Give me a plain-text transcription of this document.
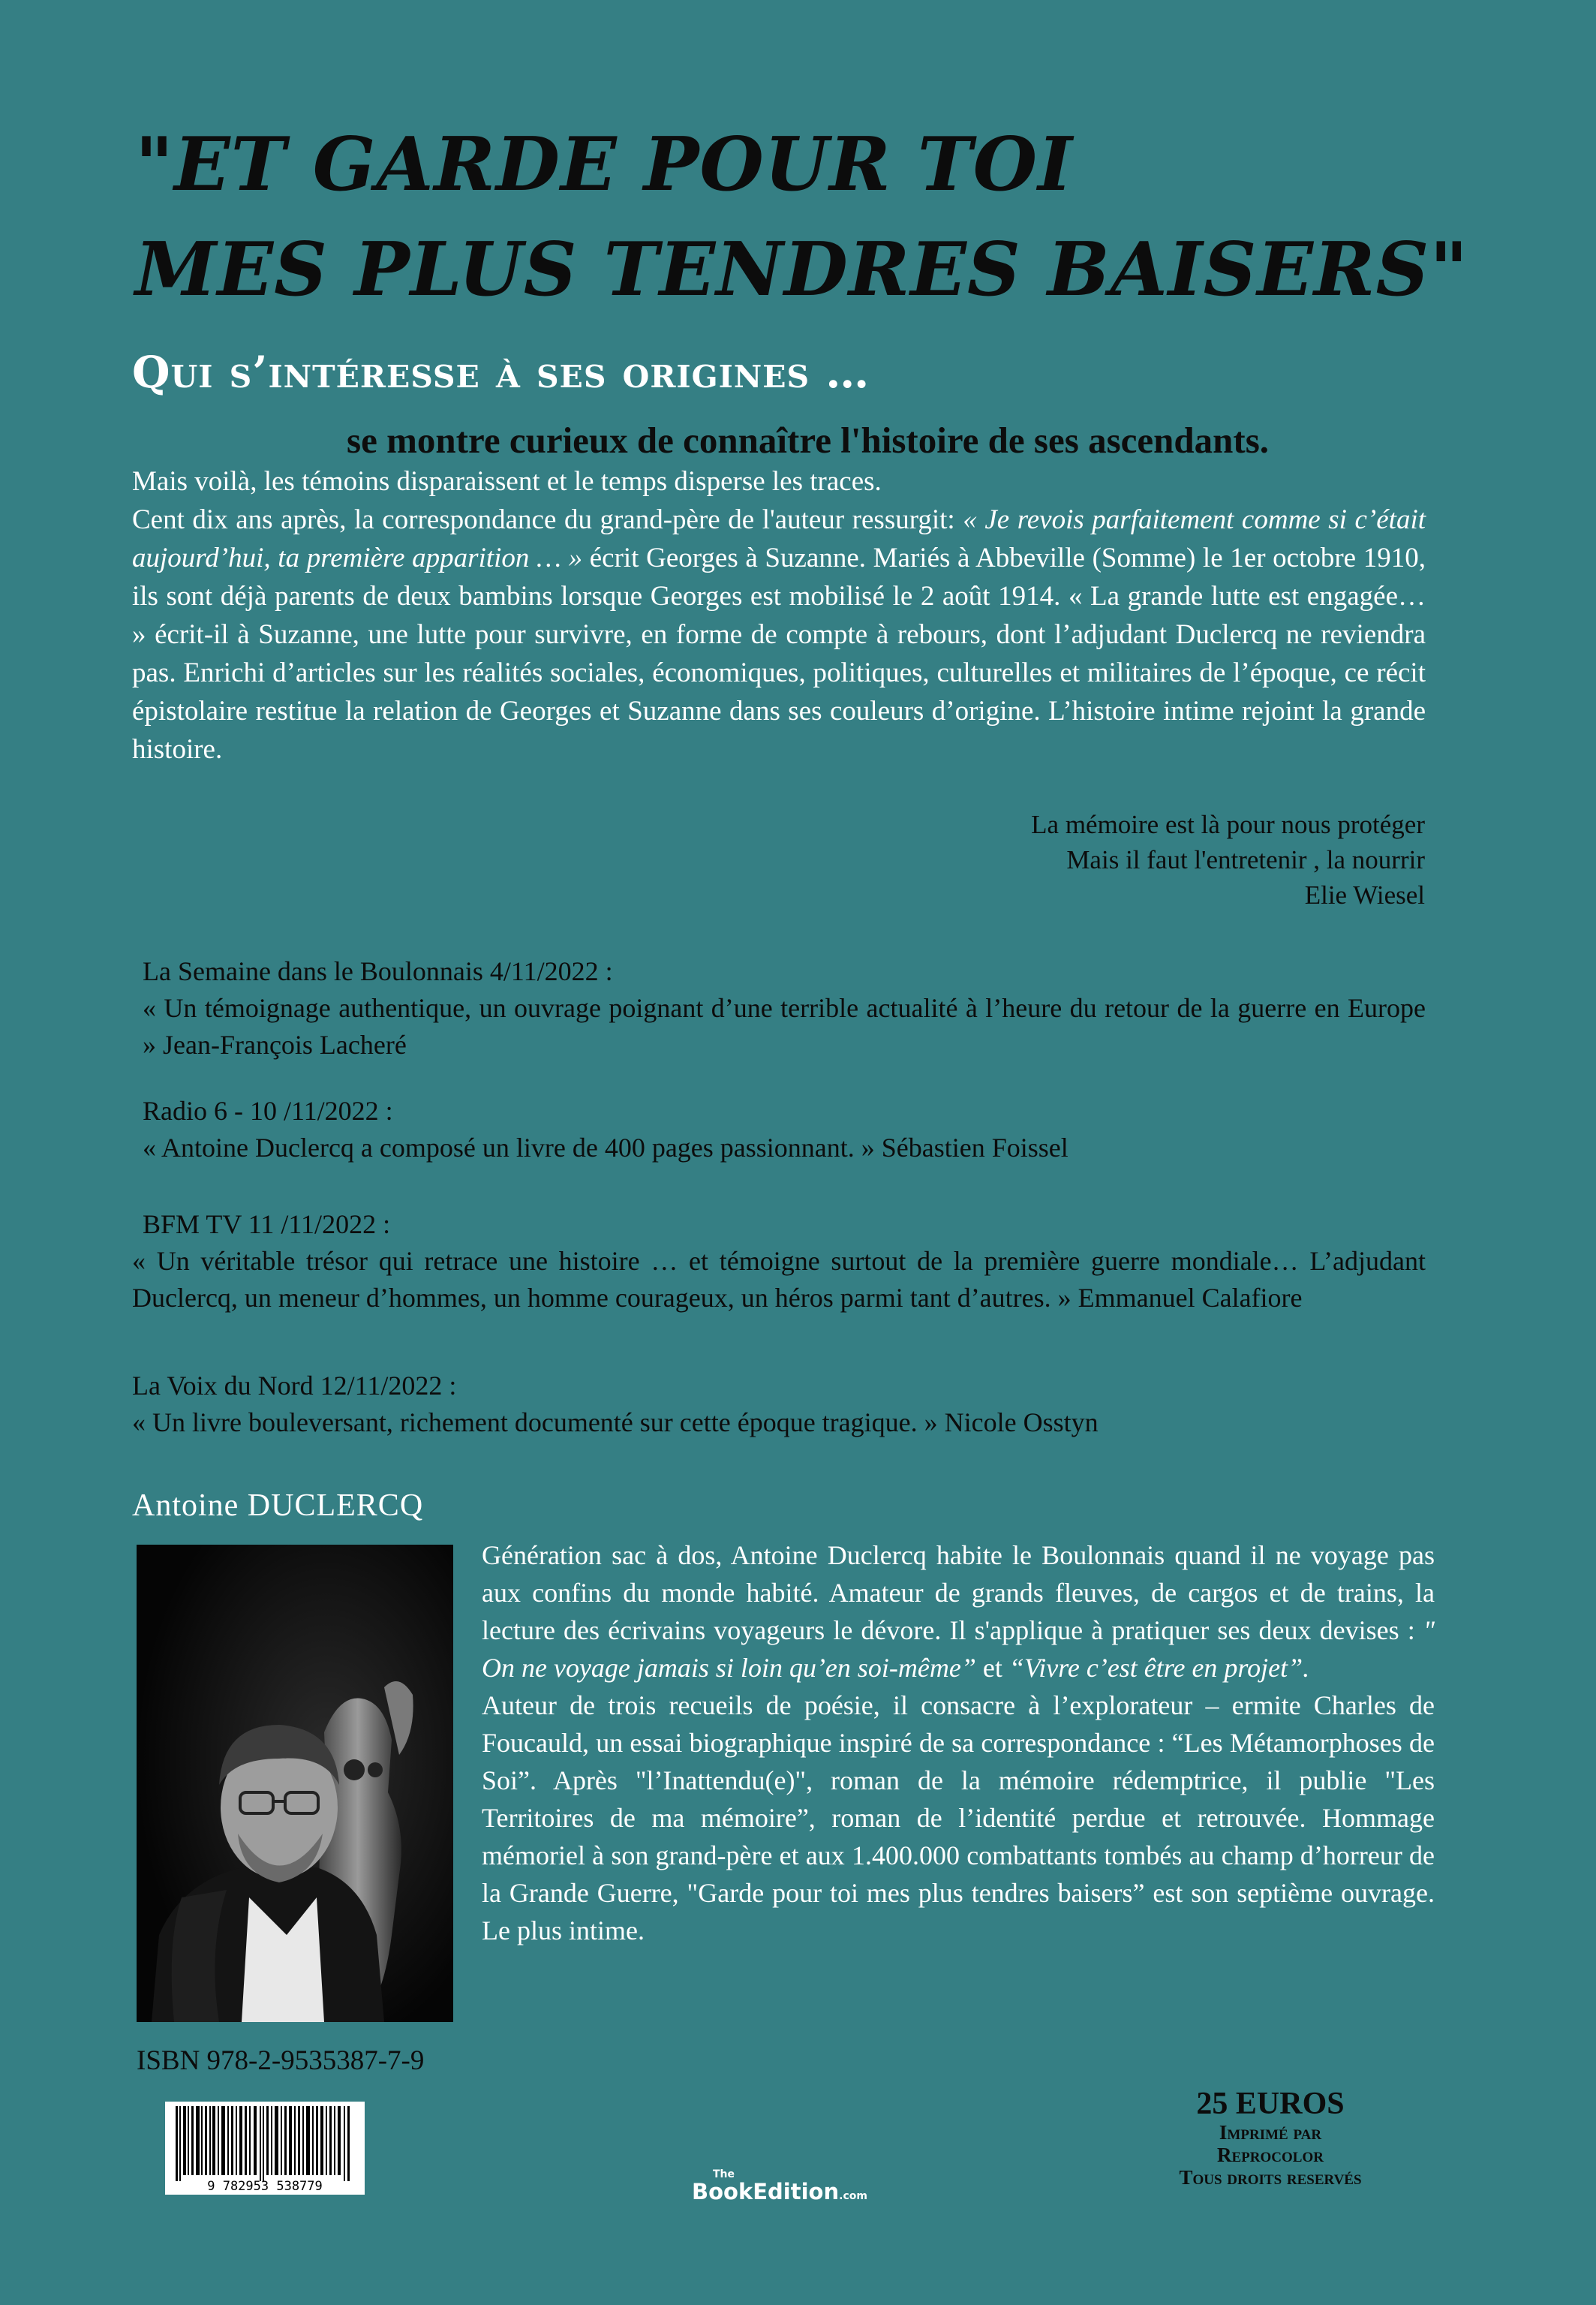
"ET GARDE POUR TOI
MES PLUS TENDRES BAISERS"
Qui s’intéresse à ses origines …
se montre curieux de connaître l'histoire de ses ascendants.

Mais voilà, les témoins disparaissent et le temps disperse les traces.

Cent dix ans après, la correspondance du grand-père de l'auteur ressurgit: « Je revois parfaitement comme si c’était aujourd’hui, ta première apparition … » écrit Georges à Suzanne. Mariés à Abbeville (Somme) le 1er octobre 1910, ils sont déjà parents de deux bambins lorsque Georges est mobilisé le 2 août 1914. « La grande lutte est engagée… » écrit-il à Suzanne, une lutte pour survivre, en forme de compte à rebours, dont l’adjudant Duclercq ne reviendra pas. Enrichi d’articles sur les réalités sociales, économiques, politiques, culturelles et militaires de l’époque, ce récit épistolaire restitue la relation de Georges et Suzanne dans ses couleurs d’origine. L’histoire intime rejoint la grande histoire.

La mémoire est là pour nous protéger
Mais il faut l'entretenir , la nourrir
Elie Wiesel
La Semaine dans le Boulonnais 4/11/2022 :
« Un témoignage authentique, un ouvrage poignant d’une terrible actualité à l’heure du retour de la guerre en Europe » Jean-François Lacheré
Radio 6 - 10 /11/2022 :
« Antoine Duclercq a composé un livre de 400 pages passionnant. » Sébastien Foissel
BFM TV 11 /11/2022 :
« Un véritable trésor qui retrace une histoire … et témoigne surtout de la première guerre mondiale… L’adjudant Duclercq, un meneur d’hommes, un homme courageux, un héros parmi tant d’autres. » Emmanuel Calafiore
La Voix du Nord 12/11/2022 :
« Un livre bouleversant, richement documenté sur cette époque tragique. » Nicole Osstyn
Antoine DUCLERCQ

Génération sac à dos, Antoine Duclercq habite le Boulonnais quand il ne voyage pas aux confins du monde habité. Amateur de grands fleuves, de cargos et de trains, la lecture des écrivains voyageurs le dévore. Il s'applique à pratiquer ses deux devises : " On ne voyage jamais si loin qu’en soi-même” et “Vivre c’est être en projet”.

Auteur de trois recueils de poésie, il consacre à l’explorateur – ermite Charles de Foucauld, un essai biographique inspiré de sa correspondance : “Les Métamorphoses de Soi”. Après "l’Inattendu(e)", roman de la mémoire rédemptrice, il publie "Les Territoires de ma mémoire”, roman de l’identité perdue et retrouvée. Hommage mémoriel à son grand-père et aux 1.400.000 combattants tombés au champ d’horreur de la Grande Guerre, "Garde pour toi mes plus tendres baisers” est son septième ouvrage. Le plus intime.

ISBN 978-2-9535387-7-9
9 782953 538779
25 EUROS
Imprimé par
Reprocolor
Tous droits reservés
The
BookEdition.com
